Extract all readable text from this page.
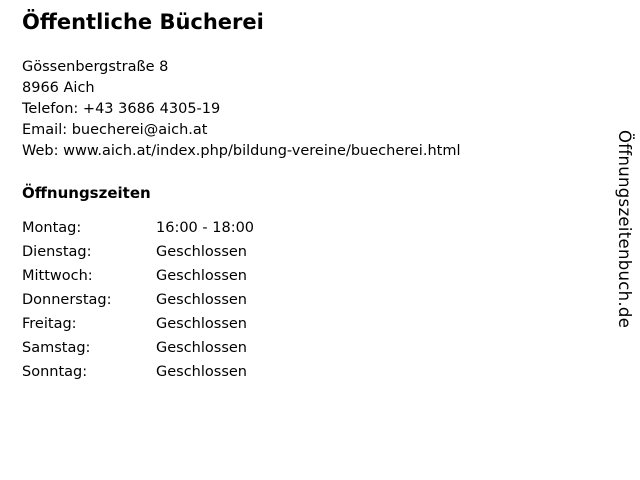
Öffentliche Bücherei
Gössenbergstraße 8
8966 Aich
Telefon: +43 3686 4305-19
Email: buecherei@aich.at
Web: www.aich.at/index.php/bildung-vereine/buecherei.html
Öffnungszeiten
Montag:	16:00 - 18:00
Dienstag:	Geschlossen
Mittwoch:	Geschlossen
Donnerstag:	Geschlossen
Freitag:	Geschlossen
Samstag:	Geschlossen
Sonntag:	Geschlossen
Öffnungszeitenbuch.de
